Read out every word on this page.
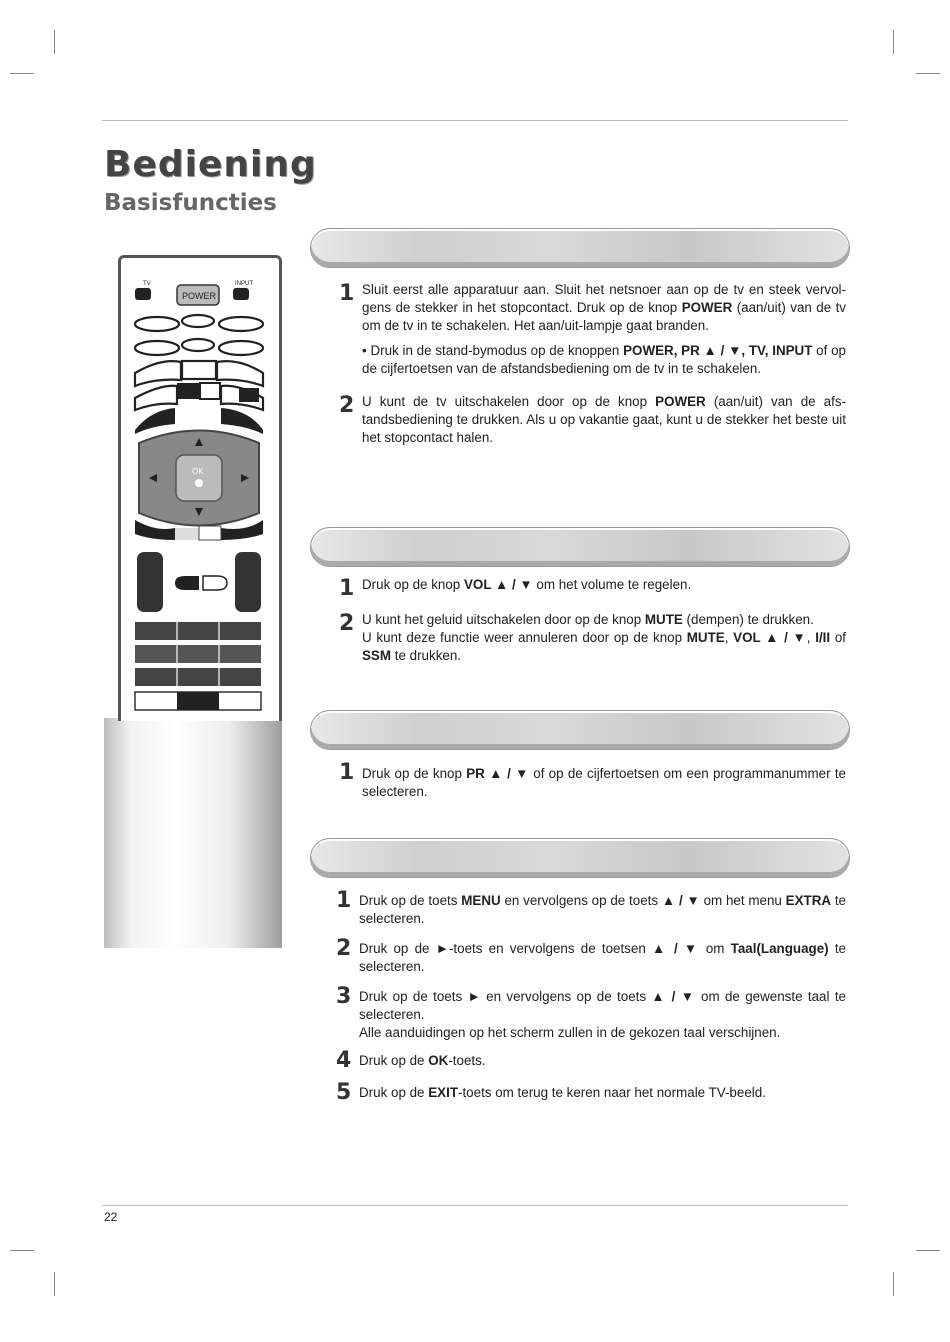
Bediening
Basisfuncties
OK
TV
POWER
INPUT	1 Sluit eerst alle apparatuur aan. Sluit het netsnoer aan op de tv en steek vervol-gens de stekker in het stopcontact. Druk op de knop POWER (aan/uit) van de tv om de tv in te schakelen. Het aan/uit-lampje gaat branden.
• Druk in de stand-bymodus op de knoppen POWER, PR ▲ / ▼, TV, INPUT of op de cijfertoetsen van de afstandsbediening om de tv in te schakelen.
2 U kunt de tv uitschakelen door op de knop POWER (aan/uit) van de afs-tandsbediening te drukken. Als u op vakantie gaat, kunt u de stekker het beste uit het stopcontact halen.
1 Druk op de knop VOL ▲ / ▼ om het volume te regelen.
2 U kunt het geluid uitschakelen door op de knop MUTE (dempen) te drukken.
U kunt deze functie weer annuleren door op de knop MUTE, VOL ▲ / ▼, I/II of SSM te drukken.
1 Druk op de knop PR ▲ / ▼ of op de cijfertoetsen om een programmanummer te selecteren.
1 Druk op de toets MENU en vervolgens op de toets ▲ / ▼ om het menu EXTRA te selecteren.
2 Druk op de ►-toets en vervolgens de toetsen ▲ / ▼ om Taal(Language) te selecteren.
3 Druk op de toets ► en vervolgens op de toets ▲ / ▼ om de gewenste taal te selecteren.
Alle aanduidingen op het scherm zullen in de gekozen taal verschijnen.
4 Druk op de OK-toets.
5 Druk op de EXIT-toets om terug te keren naar het normale TV-beeld.
22
